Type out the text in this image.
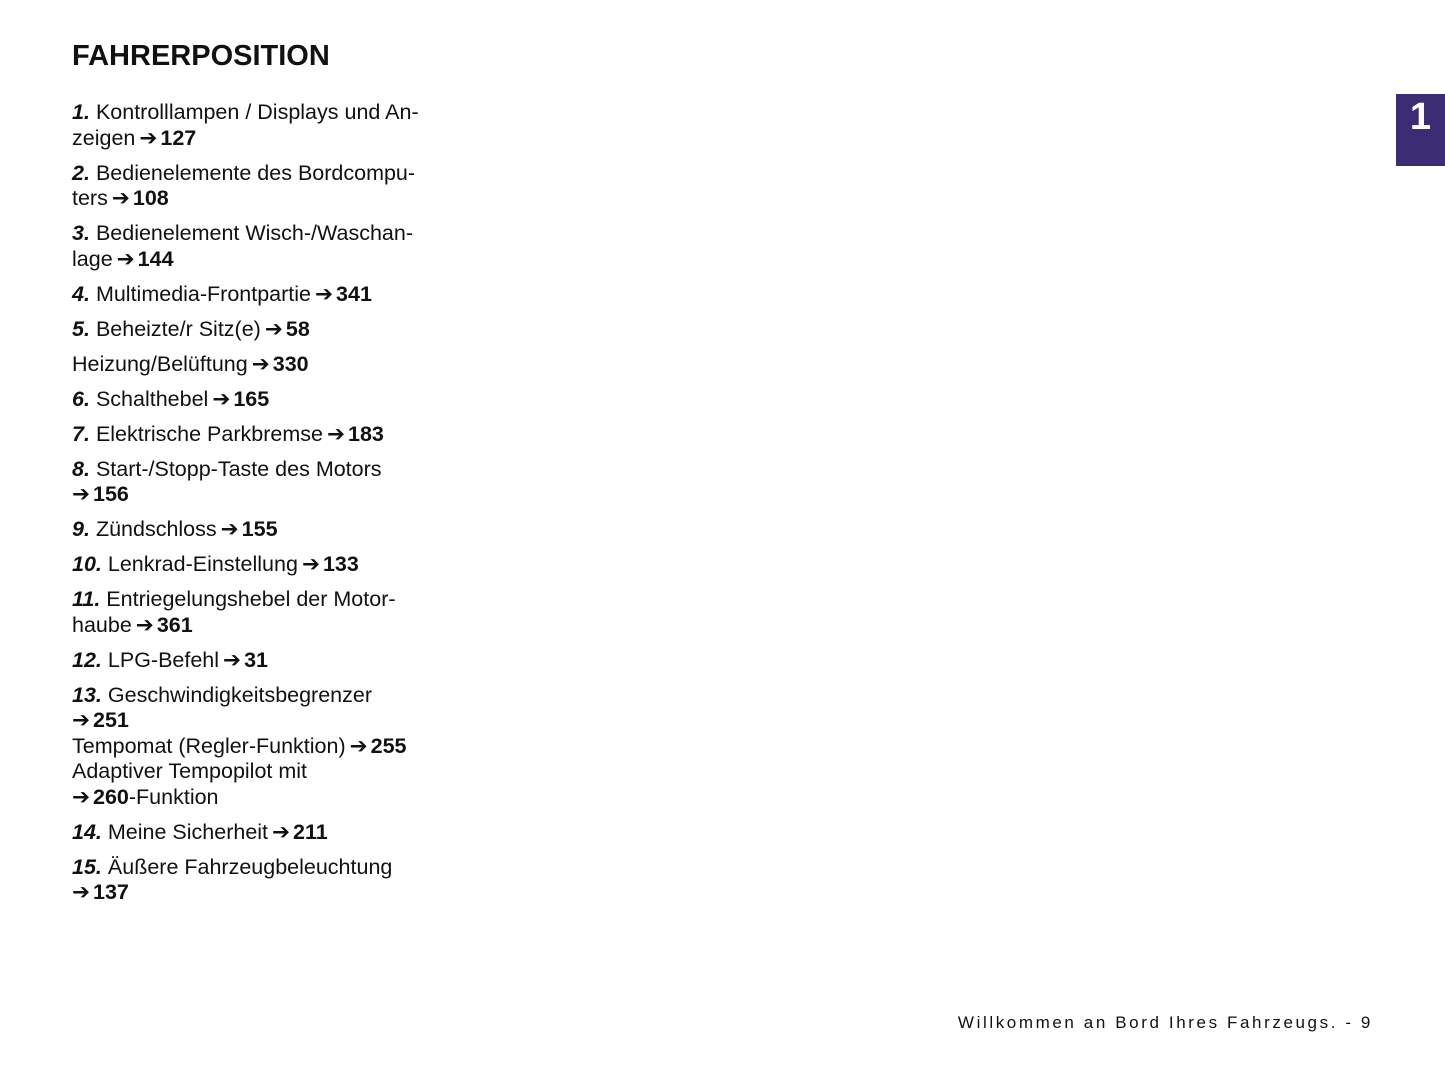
FAHRERPOSITION
1
1. Kontrolllampen / Displays und An-
zeigen ➔ 127
2. Bedienelemente des Bordcompu-
ters ➔ 108
3. Bedienelement Wisch-/Waschan-
lage ➔ 144
4. Multimedia-Frontpartie ➔ 341
5. Beheizte/r Sitz(e) ➔ 58
Heizung/Belüftung ➔ 330
6. Schalthebel ➔ 165
7. Elektrische Parkbremse ➔ 183
8. Start-/Stopp-Taste des Motors
➔ 156
9. Zündschloss ➔ 155
10. Lenkrad-Einstellung ➔ 133
11. Entriegelungshebel der Motor-
haube ➔ 361
12. LPG-Befehl ➔ 31
13. Geschwindigkeitsbegrenzer
➔ 251
Tempomat (Regler-Funktion) ➔ 255
Adaptiver Tempopilot mit
➔ 260-Funktion
14. Meine Sicherheit ➔ 211
15. Äußere Fahrzeugbeleuchtung
➔ 137
Willkommen an Bord Ihres Fahrzeugs. - 9
